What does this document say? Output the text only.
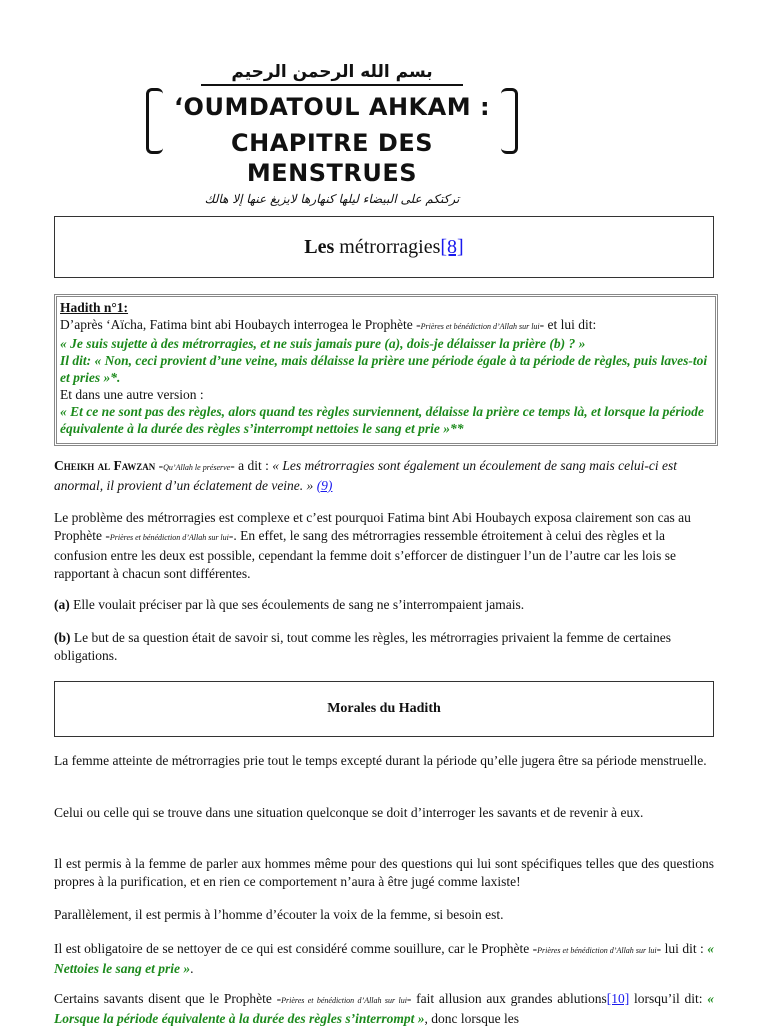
بسم الله الرحمن الرحيم
‘OUMDATOUL AHKAM :
CHAPITRE DES MENSTRUES
تركتكم على البيضاء ليلها كنهارها لايزيغ عنها إلا هالك
Les métrorragies[8]
Hadith n°1:
D’après ‘Aïcha, Fatima bint abi Houbaych interrogea le Prophète -Prières et bénédiction d’Allah sur lui- et lui dit:
« Je suis sujette à des métrorragies, et ne suis jamais pure (a), dois-je délaisser la prière (b) ? »
Il dit: « Non, ceci provient d’une veine, mais délaisse la prière une période égale à ta période de règles, puis laves-toi et pries »*.
Et dans une autre version :
« Et ce ne sont pas des règles, alors quand tes règles surviennent, délaisse la prière ce temps là, et lorsque la période équivalente à la durée des règles s’interrompt nettoies le sang et prie »**
Cheikh al Fawzan -Qu’Allah le préserve- a dit : « Les métrorragies sont également un écoulement de sang mais celui-ci est anormal, il provient d’un éclatement de veine. » (9)
Le problème des métrorragies est complexe et c’est pourquoi Fatima bint Abi Houbaych exposa clairement son cas au Prophète -Prières et bénédiction d’Allah sur lui-. En effet, le sang des métrorragies ressemble étroitement à celui des règles et la confusion entre les deux est possible, cependant la femme doit s’efforcer de distinguer l’un de l’autre car les lois se rapportant à chacun sont différentes.
(a) Elle voulait préciser par là que ses écoulements de sang ne s’interrompaient jamais.
(b) Le but de sa question était de savoir si, tout comme les règles, les métrorragies privaient la femme de certaines obligations.
Morales du Hadith
La femme atteinte de métrorragies prie tout le temps excepté durant la période qu’elle jugera être sa période menstruelle.
Celui ou celle qui se trouve dans une situation quelconque se doit d’interroger les savants et de revenir à eux.
Il est permis à la femme de parler aux hommes même pour des questions qui lui sont spécifiques telles que des questions propres à la purification, et en rien ce comportement n’aura à être jugé comme laxiste!
Parallèlement, il est permis à l’homme d’écouter la voix de la femme, si besoin est.
Il est obligatoire de se nettoyer de ce qui est considéré comme souillure, car le Prophète -Prières et bénédiction d’Allah sur lui- lui dit : « Nettoies le sang et prie ».
Certains savants disent que le Prophète -Prières et bénédiction d’Allah sur lui- fait allusion aux grandes ablutions[10] lorsqu’il dit: « Lorsque la période équivalente à la durée des règles s’interrompt », donc lorsque les
